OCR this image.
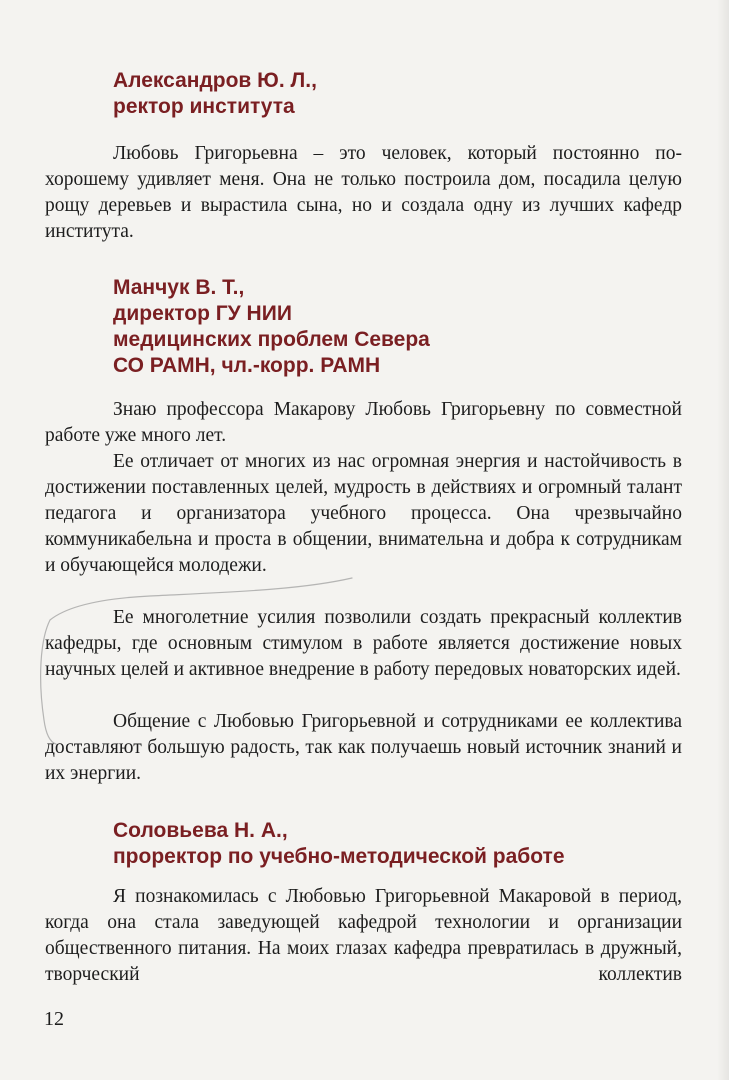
Александров Ю. Л.,
ректор института

Любовь Григорьевна – это человек, который постоянно по-хорошему удивляет меня. Она не только построила дом, посадила целую рощу деревьев и вырастила сына, но и создала одну из лучших кафедр института.

Манчук В. Т.,
директор ГУ НИИ
медицинских проблем Севера
СО РАМН, чл.-корр. РАМН

Знаю профессора Макарову Любовь Григорьевну по совместной работе уже много лет.

Ее отличает от многих из нас огромная энергия и настойчивость в достижении поставленных целей, мудрость в действиях и огромный талант педагога и организатора учебного процесса. Она чрезвычайно коммуникабельна и проста в общении, внимательна и добра к сотрудникам и обучающейся молодежи.

Ее многолетние усилия позволили создать прекрасный коллектив кафедры, где основным стимулом в работе является достижение новых научных целей и активное внедрение в работу передовых новаторских идей.

Общение с Любовью Григорьевной и сотрудниками ее коллектива доставляют большую радость, так как получаешь новый источник знаний и их энергии.

Соловьева Н. А.,
проректор по учебно-методической работе

Я познакомилась с Любовью Григорьевной Макаровой в период, когда она стала заведующей кафедрой технологии и организации общественного питания. На моих глазах кафедра превратилась в дружный, творческий коллектив

12
